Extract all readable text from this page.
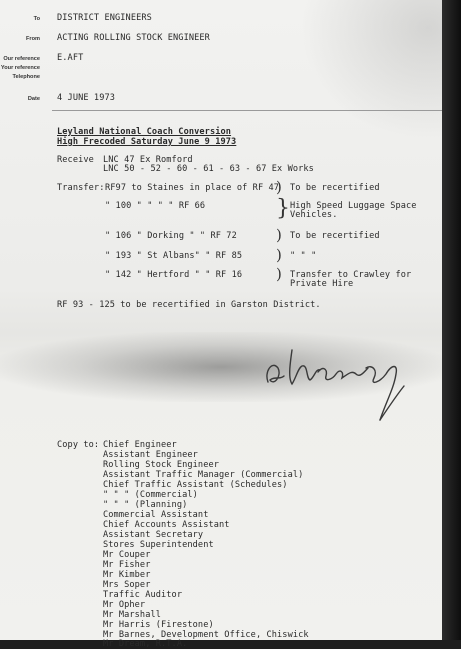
To DISTRICT ENGINEERS
From ACTING ROLLING STOCK ENGINEER
Our reference E.AFT
Your reference
Telephone
Date 4 JUNE 1973
Leyland National Coach Conversion
High Frecoded Saturday June 9 1973
Receive LNC 47 Ex Romford
LNC 50 - 52 - 60 - 61 - 63 - 67 Ex Works
Transfer: RF97 to Staines in place of RF 47 To be recertified
" 100 " " " " RF 66	High Speed Luggage Space
Vehicles.
" 106 " Dorking " " RF 72	To be recertified
" 193 " St Albans" " RF 85	" " "
" 142 " Hertford " " RF 16	Transfer to Crawley for
Private Hire
)
}
)
)
)
RF 93 - 125 to be recertified in Garston District.
Copy to: Chief Engineer
Assistant Engineer
Rolling Stock Engineer
Assistant Traffic Manager (Commercial)
Chief Traffic Assistant (Schedules)
" " " (Commercial)
" " " (Planning)
Commercial Assistant
Chief Accounts Assistant
Assistant Secretary
Stores Superintendent
Mr Couper
Mr Fisher
Mr Kimber
Mrs Soper
Traffic Auditor
Mr Opher
Mr Marshall
Mr Harris (Firestone)
Mr Barnes, Development Office, Chiswick
Mr Dream, R.T.A.
